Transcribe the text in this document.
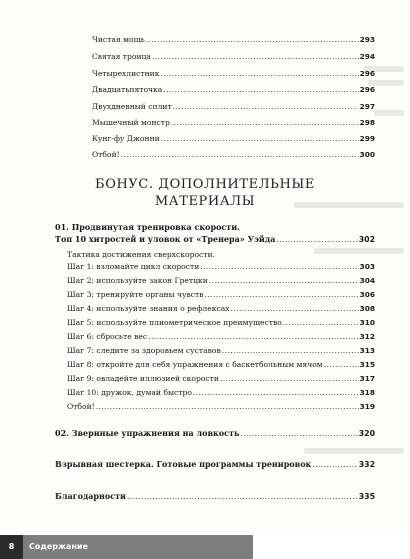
Чистая мощь .....	293
Святая троица .....	294
Четырехлистник .....	296
Двадцатьпяточка .....	296
Двухдневный сплит .....	297
Мышечный монстр .....	298
Кунг-фу Джонни .....	299
Отбой! .....	300
БОНУС. ДОПОЛНИТЕЛЬНЫЕ
МАТЕРИАЛЫ
01. Продвинутая тренировка скорости.
Топ 10 хитростей и уловок от «Тренера» Уэйда .....	302
Тактика достижения сверхскорости.
Шаг 1: взломайте цикл скорости .....	303
Шаг 2: используйте закон Гретцки .....	304
Шаг 3: тренируйте органы чувств .....	306
Шаг 4: используйте знания о рефлексах .....	308
Шаг 5: используйте плиометрическое преимущество .....	310
Шаг 6: сбросьте вес .....	312
Шаг 7: следите за здоровьем суставов .....	313
Шаг 8: откройте для себя упражнения с баскетбольным мячом .....	315
Шаг 9: овладейте иллюзией скорости .....	317
Шаг 10: дружок, думай быстро .....	318
Отбой! .....	319
02. Звериные упражнения на ловкость .....	320
Взрывная шестерка. Готовые программы тренировок .....	332
Благодарности .....	335
8	Содержание
